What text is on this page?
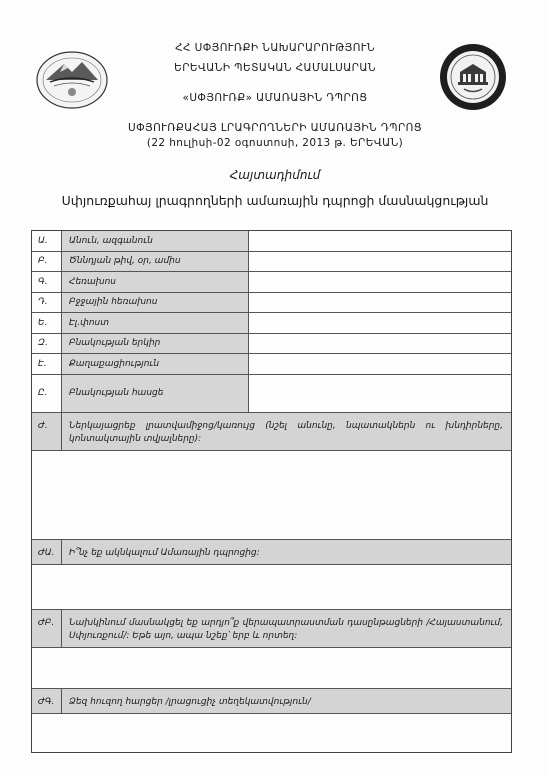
ՀՀ ՍՓՅՈՒՌՔԻ ՆԱԽԱՐԱՐՈՒԹՅՈՒՆ
ԵՐԵՎԱՆԻ ՊԵՏԱԿԱՆ ՀԱՄԱԼՍԱՐԱՆ
«ՍՓՅՈՒՌՔ» ԱՄԱՌԱՅԻՆ ԴՊՐՈՑ
ՍՓՅՈՒՌՔԱՀԱՅ ԼՐԱԳՐՈՂՆԵՐԻ ԱՄԱՌԱՅԻՆ ԴՊՐՈՑ
(22 հուլիսի-02 օգոստոսի, 2013 թ. ԵՐԵՎԱՆ)
Հայտադիմում
Սփյուռքահայ լրագրողների ամառային դպրոցի մասնակցության
Ա.	Անուն, ազգանուն
Բ.	Ծննդյան թիվ, օր, ամիս
Գ.	Հեռախոս
Դ.	Բջջային հեռախոս
Ե.	Էլ.փոստ
Զ.	Բնակության երկիր
Է.	Քաղաքացիություն
Ը.	Բնակության հասցե
Ժ.	Ներկայացրեք լրատվամիջոց/կառույց (նշել անունը, նպատակներն ու խնդիրները, կոնտակտային տվյալները):
ԺԱ.	Ի՞նչ եք ակնկալում Ամառային դպրոցից:
ԺԲ.	Նախկինում մասնակցել եք արդյո՞ք վերապատրաստման դասընթացների /Հայաստանում, Սփյուռքում/: Եթե այո, ապա նշեք՝ երբ և որտեղ:
ԺԳ.	Ձեզ հուզող հարցեր /լրացուցիչ տեղեկատվություն/
